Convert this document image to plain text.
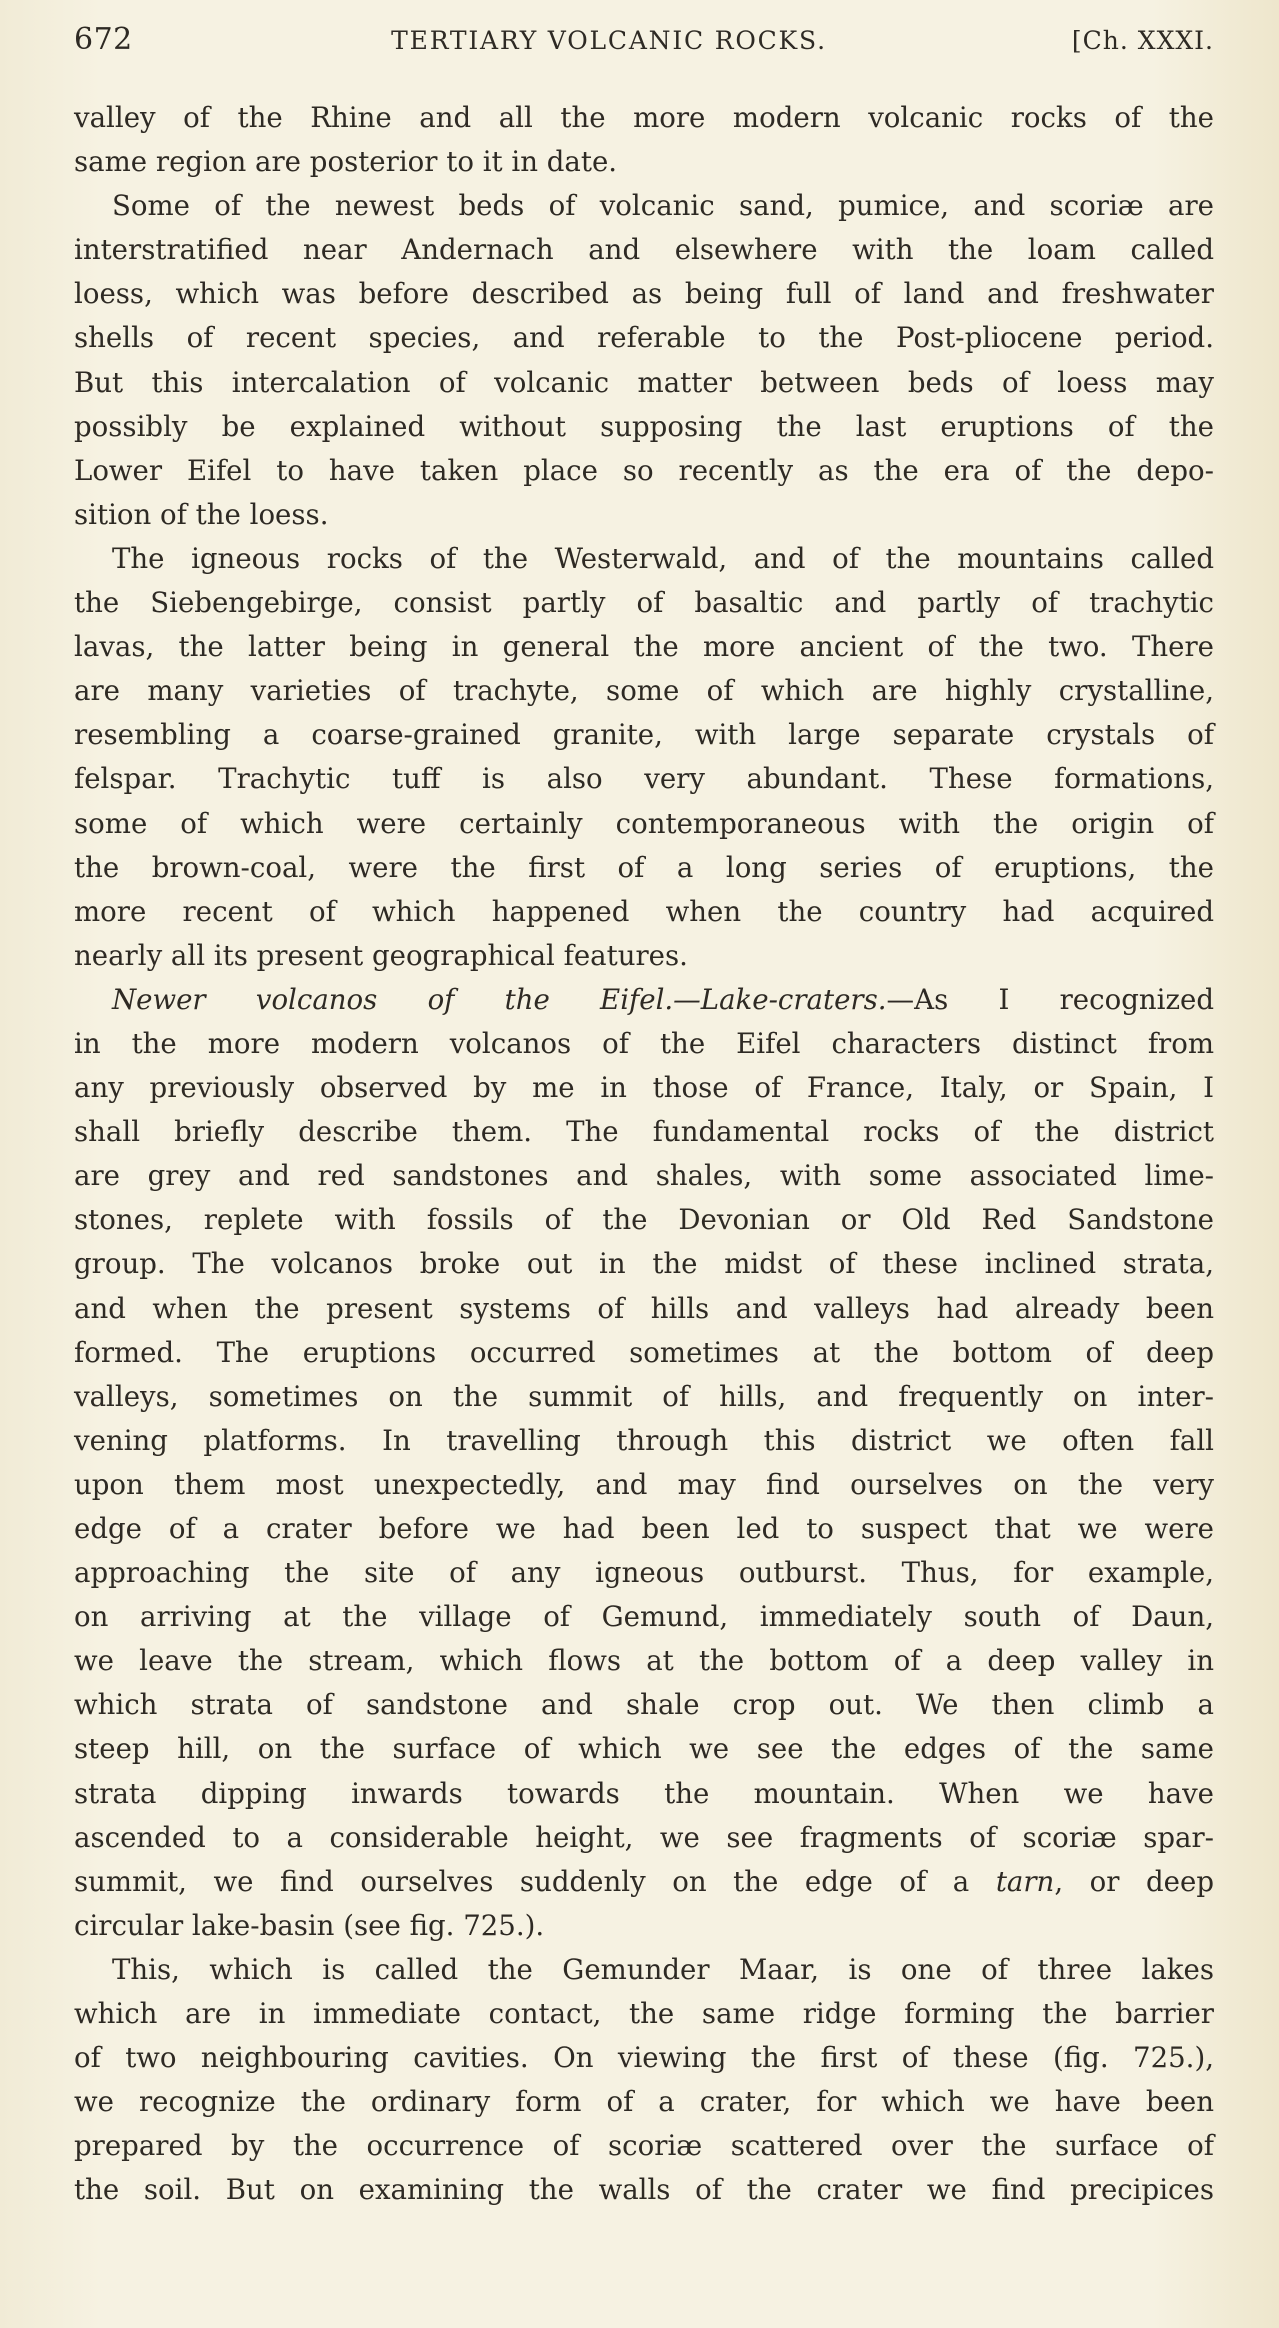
672	TERTIARY VOLCANIC ROCKS.	[Ch. XXXI.
valley of the Rhine and all the more modern volcanic rocks of the
same region are posterior to it in date.
Some of the newest beds of volcanic sand, pumice, and scoriæ are
interstratified near Andernach and elsewhere with the loam called
loess, which was before described as being full of land and freshwater
shells of recent species, and referable to the Post-pliocene period.
But this intercalation of volcanic matter between beds of loess may
possibly be explained without supposing the last eruptions of the
Lower Eifel to have taken place so recently as the era of the depo-
sition of the loess.
The igneous rocks of the Westerwald, and of the mountains called
the Siebengebirge, consist partly of basaltic and partly of trachytic
lavas, the latter being in general the more ancient of the two. There
are many varieties of trachyte, some of which are highly crystalline,
resembling a coarse-grained granite, with large separate crystals of
felspar. Trachytic tuff is also very abundant. These formations,
some of which were certainly contemporaneous with the origin of
the brown-coal, were the first of a long series of eruptions, the
more recent of which happened when the country had acquired
nearly all its present geographical features.
Newer volcanos of the Eifel.—Lake-craters.—As I recognized
in the more modern volcanos of the Eifel characters distinct from
any previously observed by me in those of France, Italy, or Spain, I
shall briefly describe them. The fundamental rocks of the district
are grey and red sandstones and shales, with some associated lime-
stones, replete with fossils of the Devonian or Old Red Sandstone
group. The volcanos broke out in the midst of these inclined strata,
and when the present systems of hills and valleys had already been
formed. The eruptions occurred sometimes at the bottom of deep
valleys, sometimes on the summit of hills, and frequently on inter-
vening platforms. In travelling through this district we often fall
upon them most unexpectedly, and may find ourselves on the very
edge of a crater before we had been led to suspect that we were
approaching the site of any igneous outburst. Thus, for example,
on arriving at the village of Gemund, immediately south of Daun,
we leave the stream, which flows at the bottom of a deep valley in
which strata of sandstone and shale crop out. We then climb a
steep hill, on the surface of which we see the edges of the same
strata dipping inwards towards the mountain. When we have
ascended to a considerable height, we see fragments of scoriæ spar-
summit, we find ourselves suddenly on the edge of a tarn, or deep
circular lake-basin (see fig. 725.).
This, which is called the Gemunder Maar, is one of three lakes
which are in immediate contact, the same ridge forming the barrier
of two neighbouring cavities. On viewing the first of these (fig. 725.),
we recognize the ordinary form of a crater, for which we have been
prepared by the occurrence of scoriæ scattered over the surface of
the soil. But on examining the walls of the crater we find precipices
